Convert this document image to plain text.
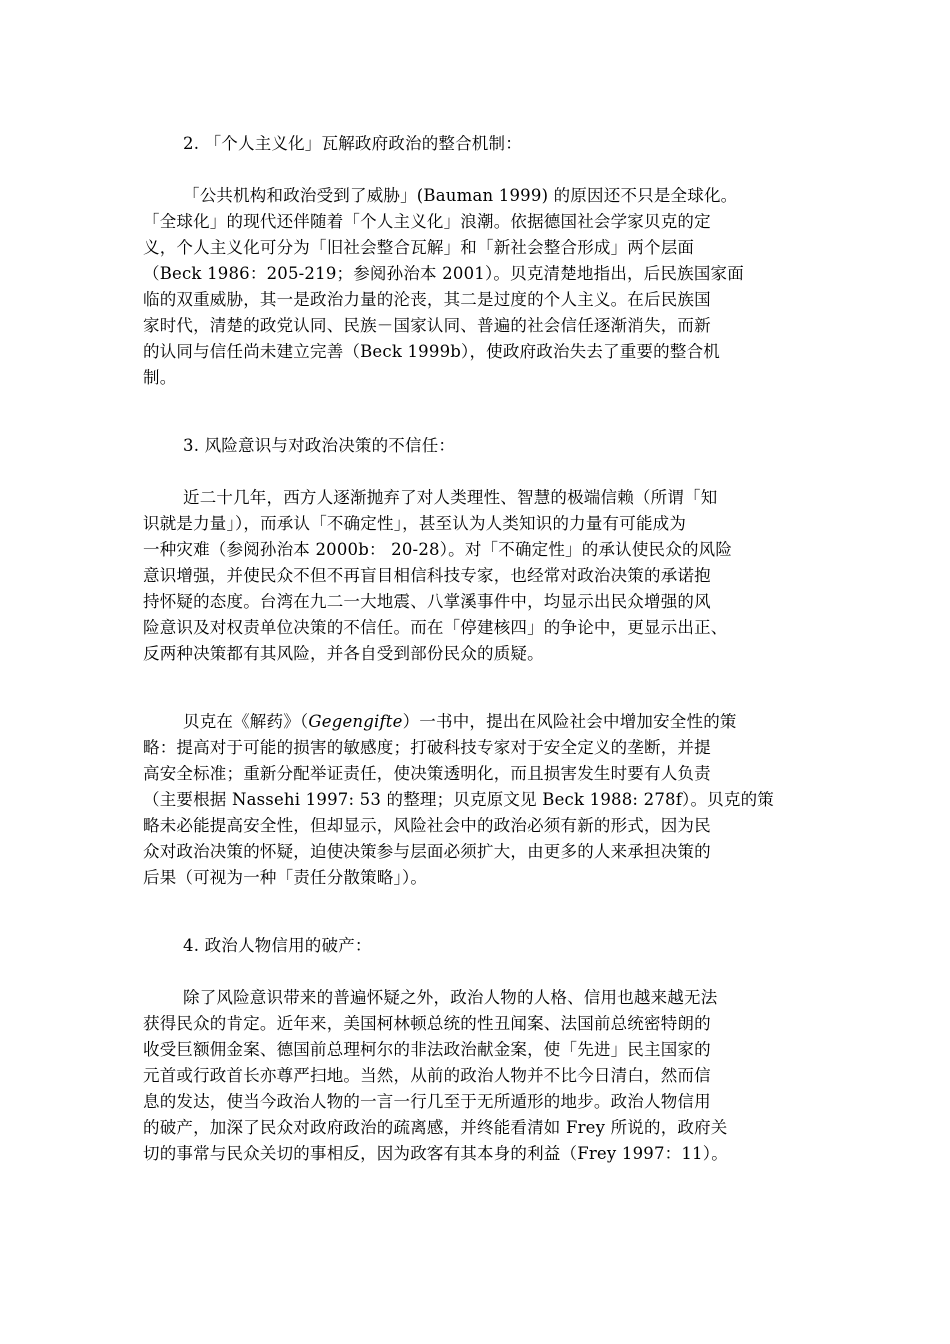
2. 「个人主义化」瓦解政府政治的整合机制：
「公共机构和政治受到了威胁」(Bauman 1999) 的原因还不只是全球化。
「全球化」的现代还伴随着「个人主义化」浪潮。依据德国社会学家贝克的定
义，个人主义化可分为「旧社会整合瓦解」和「新社会整合形成」两个层面
（Beck 1986：205-219；参阅孙治本 2001）。贝克清楚地指出，后民族国家面
临的双重威胁，其一是政治力量的沦丧，其二是过度的个人主义。在后民族国
家时代，清楚的政党认同、民族－国家认同、普遍的社会信任逐渐消失，而新
的认同与信任尚未建立完善（Beck 1999b），使政府政治失去了重要的整合机
制。
3. 风险意识与对政治决策的不信任：
近二十几年，西方人逐渐抛弃了对人类理性、智慧的极端信赖（所谓「知
识就是力量」），而承认「不确定性」，甚至认为人类知识的力量有可能成为
一种灾难（参阅孙治本 2000b： 20-28）。对「不确定性」的承认使民众的风险
意识增强，并使民众不但不再盲目相信科技专家，也经常对政治决策的承诺抱
持怀疑的态度。台湾在九二一大地震、八掌溪事件中，均显示出民众增强的风
险意识及对权责单位决策的不信任。而在「停建核四」的争论中，更显示出正、
反两种决策都有其风险，并各自受到部份民众的质疑。
贝克在《解药》（Gegengifte）一书中，提出在风险社会中增加安全性的策
略：提高对于可能的损害的敏感度；打破科技专家对于安全定义的垄断，并提
高安全标准；重新分配举证责任，使决策透明化，而且损害发生时要有人负责
（主要根据 Nassehi 1997: 53 的整理；贝克原文见 Beck 1988: 278f）。贝克的策
略未必能提高安全性，但却显示，风险社会中的政治必须有新的形式，因为民
众对政治决策的怀疑，迫使决策参与层面必须扩大，由更多的人来承担决策的
后果（可视为一种「责任分散策略」）。
4. 政治人物信用的破产：
除了风险意识带来的普遍怀疑之外，政治人物的人格、信用也越来越无法
获得民众的肯定。近年来，美国柯林顿总统的性丑闻案、法国前总统密特朗的
收受巨额佣金案、德国前总理柯尔的非法政治献金案，使「先进」民主国家的
元首或行政首长亦尊严扫地。当然，从前的政治人物并不比今日清白，然而信
息的发达，使当今政治人物的一言一行几至于无所遁形的地步。政治人物信用
的破产，加深了民众对政府政治的疏离感，并终能看清如 Frey 所说的，政府关
切的事常与民众关切的事相反，因为政客有其本身的利益（Frey 1997：11）。
